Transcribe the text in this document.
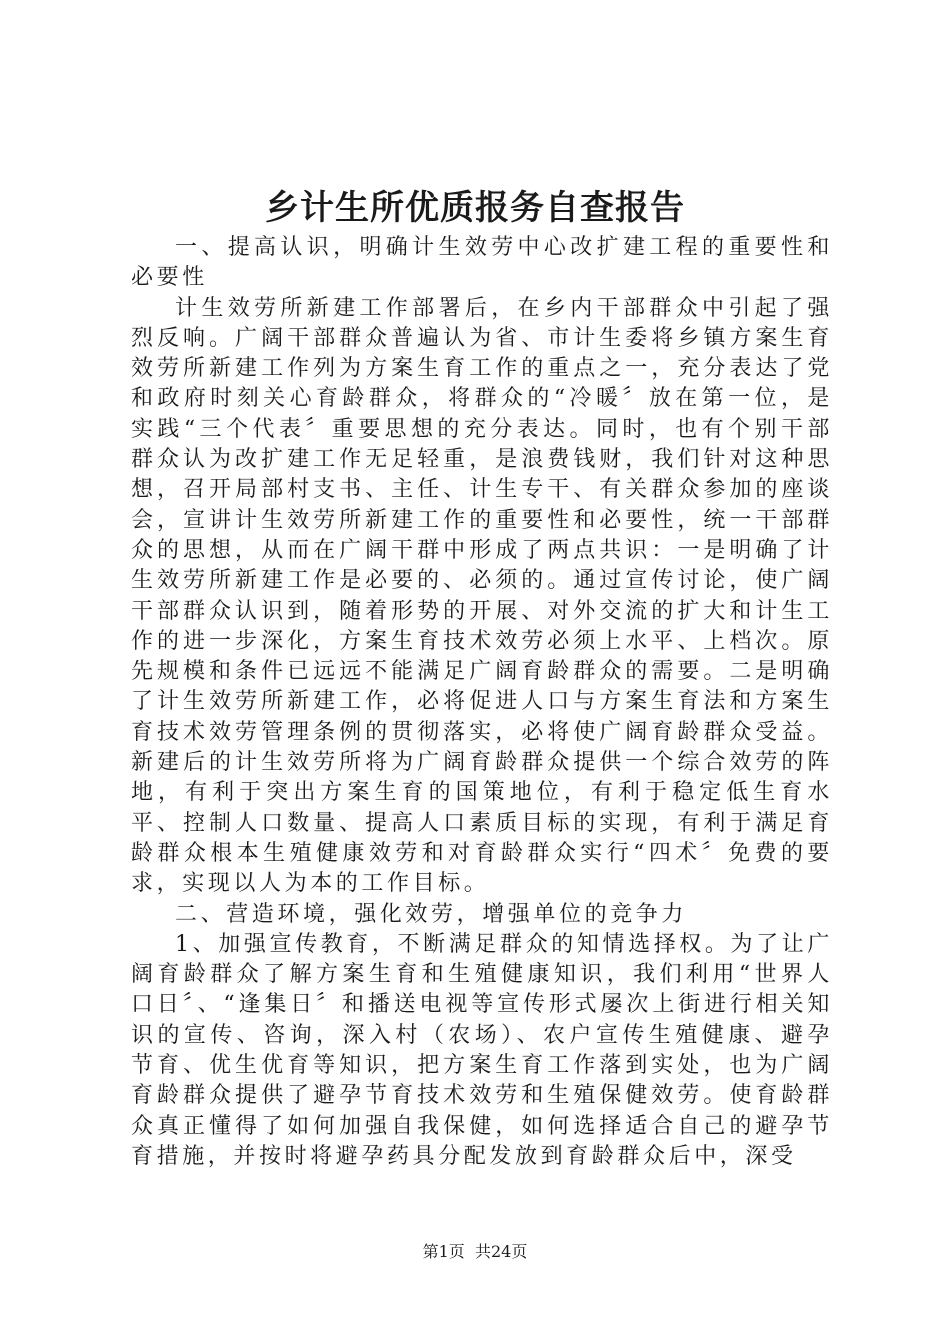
乡计生所优质报务自查报告

一、提高认识，明确计生效劳中心改扩建工程的重要性和必要性

计生效劳所新建工作部署后，在乡内干部群众中引起了强烈反响。广阔干部群众普遍认为省、市计生委将乡镇方案生育效劳所新建工作列为方案生育工作的重点之一，充分表达了党和政府时刻关心育龄群众，将群众的“冷暖〞放在第一位，是实践“三个代表〞重要思想的充分表达。同时，也有个别干部群众认为改扩建工作无足轻重，是浪费钱财，我们针对这种思想，召开局部村支书、主任、计生专干、有关群众参加的座谈会，宣讲计生效劳所新建工作的重要性和必要性，统一干部群众的思想，从而在广阔干群中形成了两点共识：一是明确了计生效劳所新建工作是必要的、必须的。通过宣传讨论，使广阔干部群众认识到，随着形势的开展、对外交流的扩大和计生工作的进一步深化，方案生育技术效劳必须上水平、上档次。原先规模和条件已远远不能满足广阔育龄群众的需要。二是明确了计生效劳所新建工作，必将促进人口与方案生育法和方案生育技术效劳管理条例的贯彻落实，必将使广阔育龄群众受益。新建后的计生效劳所将为广阔育龄群众提供一个综合效劳的阵地，有利于突出方案生育的国策地位，有利于稳定低生育水平、控制人口数量、提高人口素质目标的实现，有利于满足育龄群众根本生殖健康效劳和对育龄群众实行“四术〞免费的要求，实现以人为本的工作目标。

二、营造环境，强化效劳，增强单位的竞争力

1、加强宣传教育，不断满足群众的知情选择权。为了让广阔育龄群众了解方案生育和生殖健康知识，我们利用“世界人口日〞、“逢集日〞和播送电视等宣传形式屡次上街进行相关知识的宣传、咨询，深入村（农场）、农户宣传生殖健康、避孕节育、优生优育等知识，把方案生育工作落到实处，也为广阔育龄群众提供了避孕节育技术效劳和生殖保健效劳。使育龄群众真正懂得了如何加强自我保健，如何选择适合自己的避孕节育措施，并按时将避孕药具分配发放到育龄群众后中，深受

第1页 共24页
